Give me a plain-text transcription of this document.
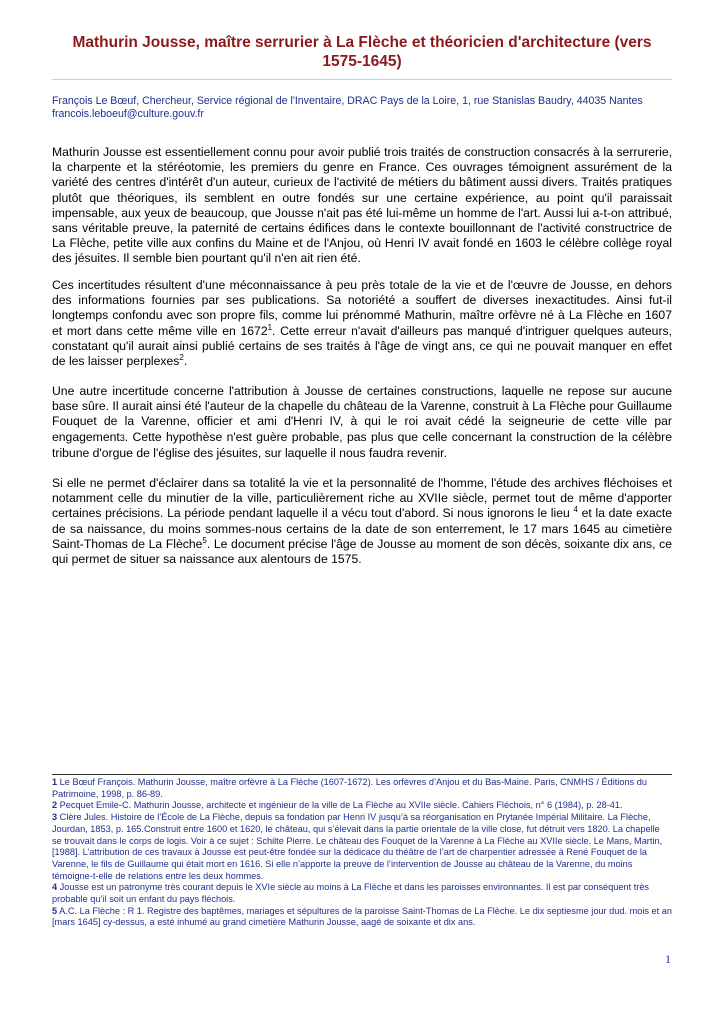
Mathurin Jousse, maître serrurier à La Flèche et théoricien d'architecture (vers 1575-1645)

François Le Bœuf, Chercheur, Service régional de l'Inventaire, DRAC Pays de la Loire, 1, rue Stanislas Baudry, 44035 Nantes francois.leboeuf@culture.gouv.fr

Mathurin Jousse est essentiellement connu pour avoir publié trois traités de construction consacrés à la serrurerie, la charpente et la stéréotomie, les premiers du genre en France. Ces ouvrages témoignent assurément de la variété des centres d'intérêt d'un auteur, curieux de l'activité de métiers du bâtiment aussi divers. Traités pratiques plutôt que théoriques, ils semblent en outre fondés sur une certaine expérience, au point qu'il paraissait impensable, aux yeux de beaucoup, que Jousse n'ait pas été lui-même un homme de l'art. Aussi lui a-t-on attribué, sans véritable preuve, la paternité de certains édifices dans le contexte bouillonnant de l'activité constructrice de La Flèche, petite ville aux confins du Maine et de l'Anjou, où Henri IV avait fondé en 1603 le célèbre collège royal des jésuites. Il semble bien pourtant qu'il n'en ait rien été.

Ces incertitudes résultent d'une méconnaissance à peu près totale de la vie et de l'œuvre de Jousse, en dehors des informations fournies par ses publications. Sa notoriété a souffert de diverses inexactitudes. Ainsi fut-il longtemps confondu avec son propre fils, comme lui prénommé Mathurin, maître orfèvre né à La Flèche en 1607 et mort dans cette même ville en 1672$^1$. Cette erreur n'avait d'ailleurs pas manqué d'intriguer quelques auteurs, constatant qu'il aurait ainsi publié certains de ses traités à l'âge de vingt ans, ce qui ne pouvait manquer en effet de les laisser perplexes$^2$.

Une autre incertitude concerne l'attribution à Jousse de certaines constructions, laquelle ne repose sur aucune base sûre. Il aurait ainsi été l'auteur de la chapelle du château de la Varenne, construit à La Flèche pour Guillaume Fouquet de la Varenne, officier et ami d'Henri IV, à qui le roi avait cédé la seigneurie de cette ville par engagement3. Cette hypothèse n'est guère probable, pas plus que celle concernant la construction de la célèbre tribune d'orgue de l'église des jésuites, sur laquelle il nous faudra revenir.

Si elle ne permet d'éclairer dans sa totalité la vie et la personnalité de l'homme, l'étude des archives fléchoises et notamment celle du minutier de la ville, particulièrement riche au XVIIe siècle, permet tout de même d'apporter certaines précisions. La période pendant laquelle il a vécu tout d'abord. Si nous ignorons le lieu $^4$ et la date exacte de sa naissance, du moins sommes-nous certains de la date de son enterrement, le 17 mars 1645 au cimetière Saint-Thomas de La Flèche$^5$. Le document précise l'âge de Jousse au moment de son décès, soixante dix ans, ce qui permet de situer sa naissance aux alentours de 1575.

1 Le Bœuf François. Mathurin Jousse, maître orfèvre à La Flèche (1607-1672). Les orfèvres d’Anjou et du Bas-Maine. Paris, CNMHS / Éditions du Patrimoine, 1998, p. 86-89.

2 Pecquet Emile-C. Mathurin Jousse, architecte et ingénieur de la ville de La Flèche au XVIIe siècle. Cahiers Fléchois, n° 6 (1984), p. 28-41.

3 Clère Jules. Histoire de l’École de La Flèche, depuis sa fondation par Henri IV jusqu’à sa réorganisation en Prytanée Impérial Militaire. La Flèche, Jourdan, 1853, p. 165.Construit entre 1600 et 1620, le château, qui s’élevait dans la partie orientale de la ville close, fut détruit vers 1820. La chapelle se trouvait dans le corps de logis. Voir à ce sujet : Schilte Pierre. Le château des Fouquet de la Varenne à La Flèche au XVIIe siècle. Le Mans, Martin, [1988]. L’attribution de ces travaux à Jousse est peut-être fondée sur la dédicace du théâtre de l’art de charpentier adressée à René Fouquet de la Varenne, le fils de Guillaume qui était mort en 1616. Si elle n’apporte la preuve de l’intervention de Jousse au château de la Varenne, du moins témoigne-t-elle de relations entre les deux hommes.

4 Jousse est un patronyme très courant depuis le XVIe siècle au moins à La Flèche et dans les paroisses environnantes. Il est par conséquent très probable qu’il soit un enfant du pays fléchois.

5 A.C. La Flèche : R 1. Registre des baptêmes, mariages et sépultures de la paroisse Saint-Thomas de La Flèche. Le dix septiesme jour dud. mois et an [mars 1645] cy-dessus, a esté inhumé au grand cimetière Mathurin Jousse, aagé de soixante et dix ans.

1
